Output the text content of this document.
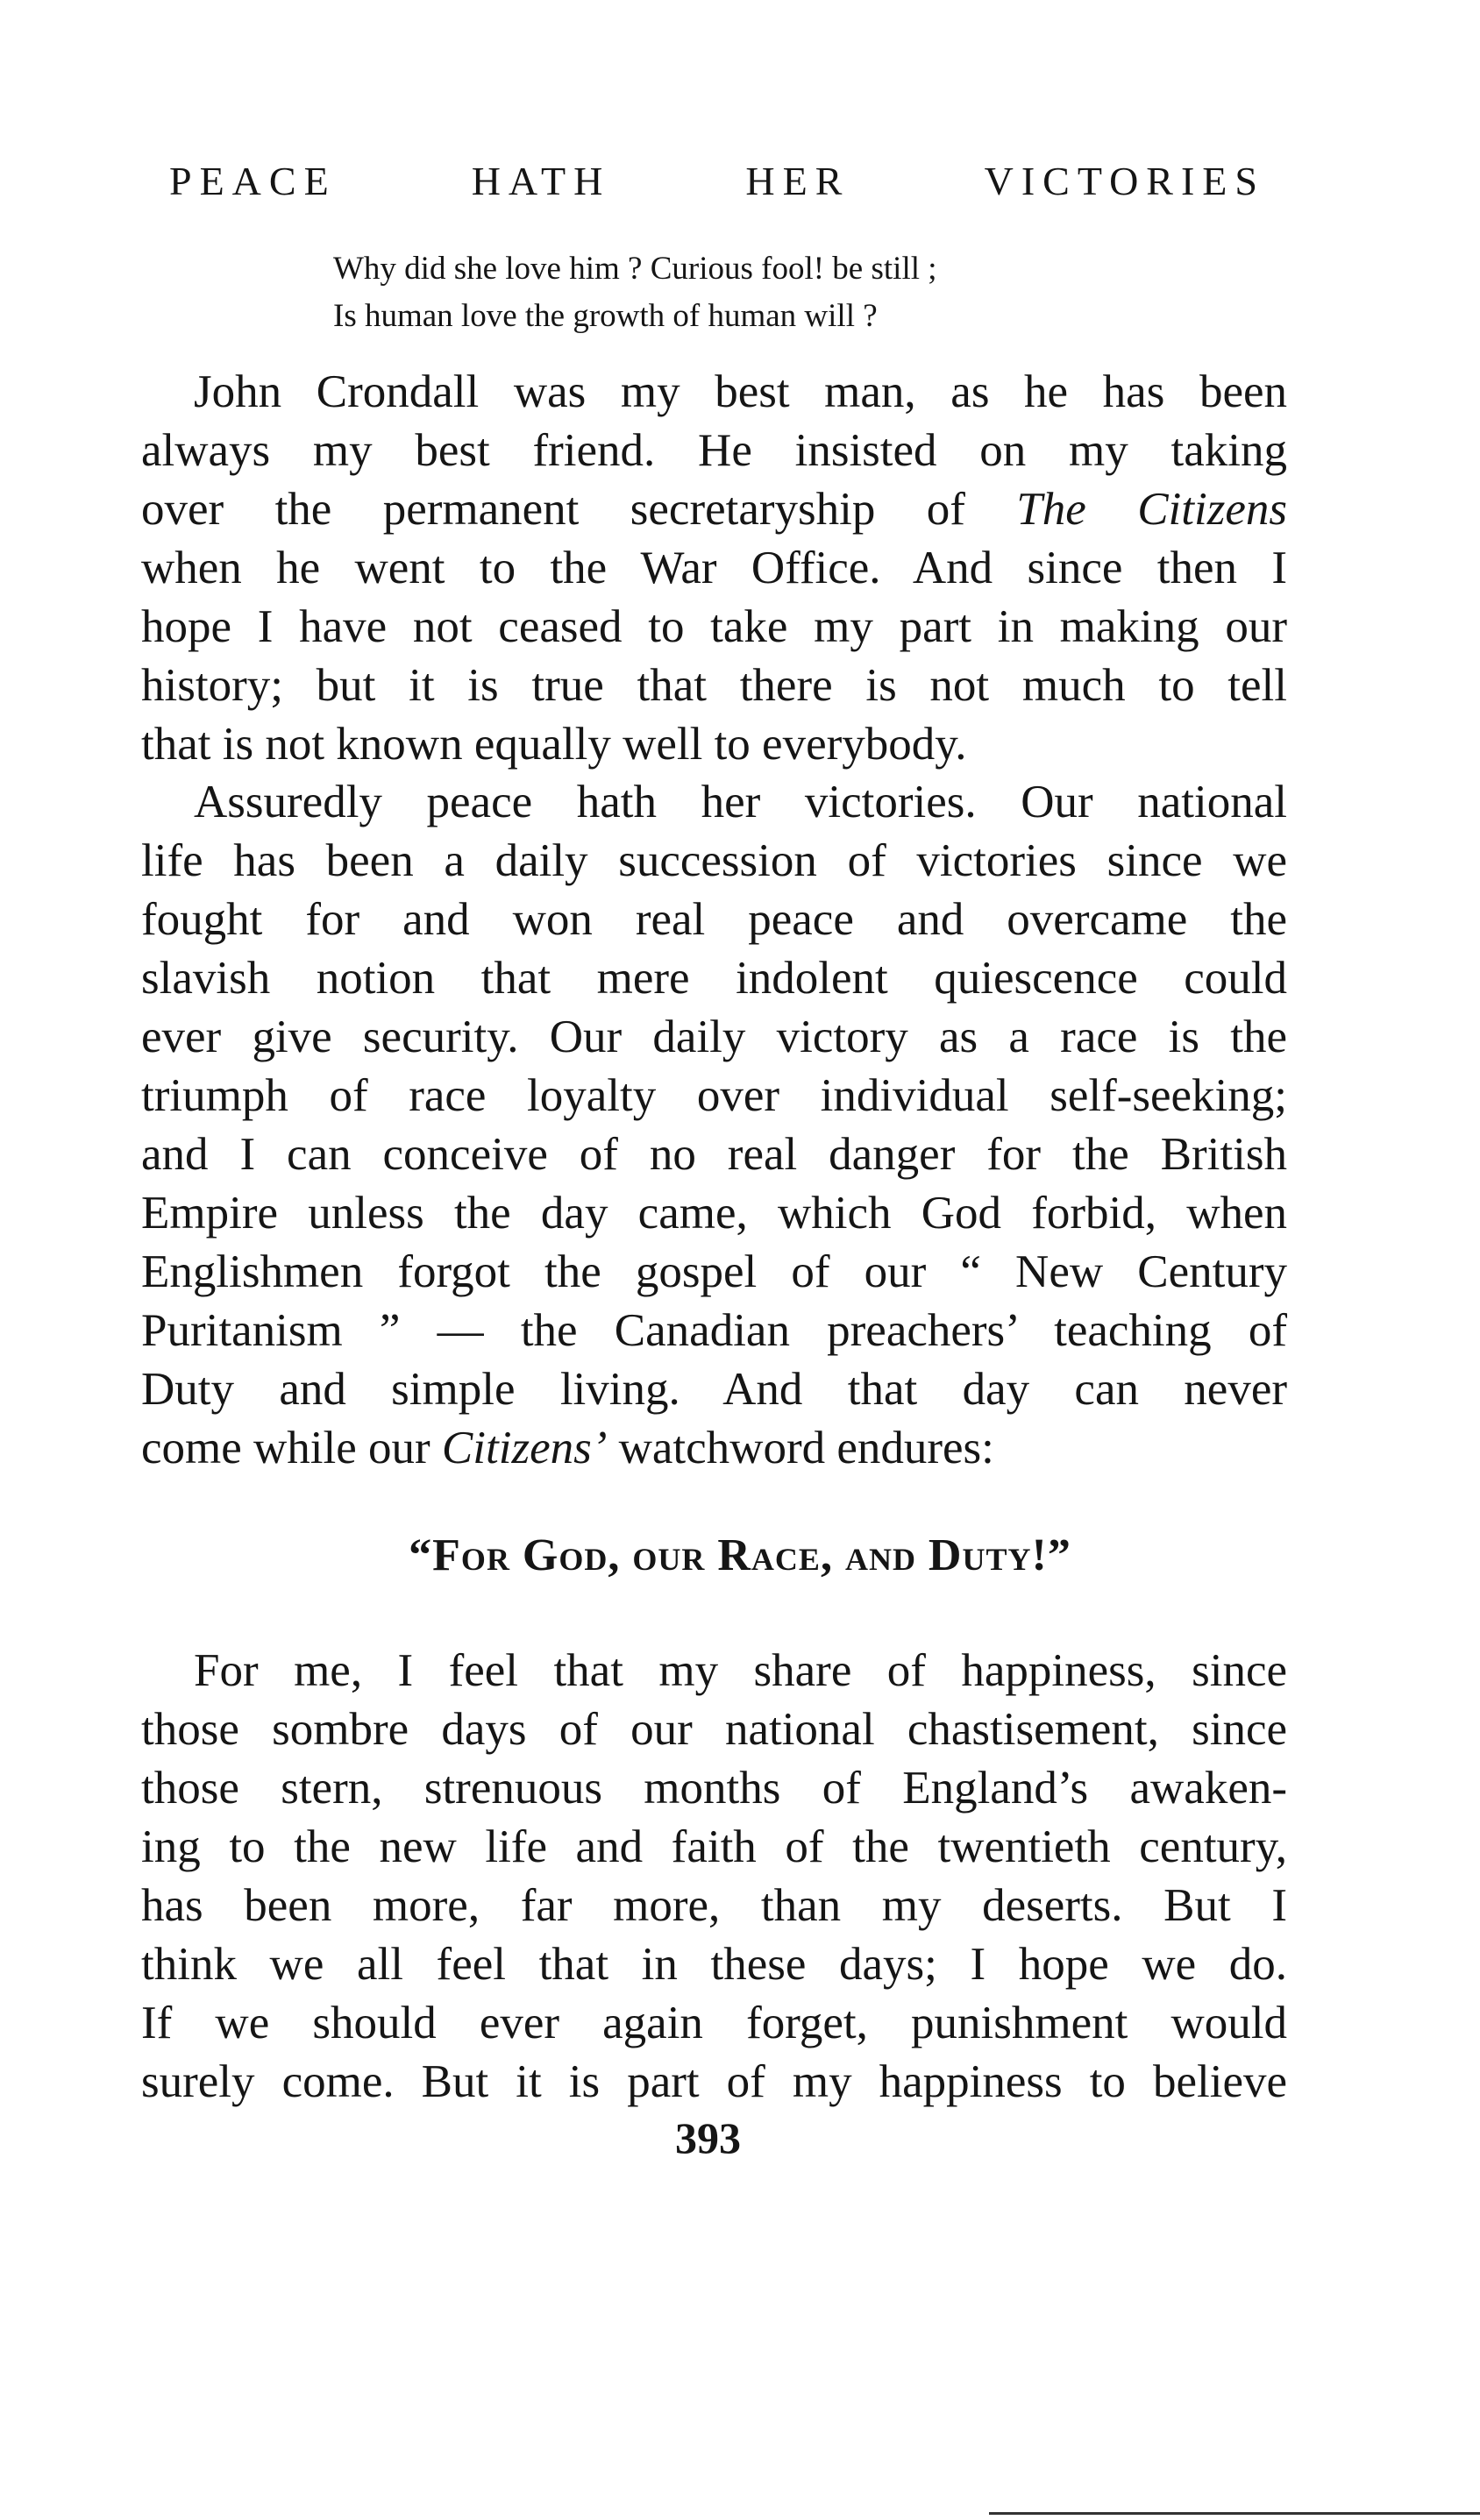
PEACE HATH HER VICTORIES
Why did she love him ? Curious fool! be still ;
Is human love the growth of human will ?
John Crondall was my best man, as he has been
always my best friend. He insisted on my taking
over the permanent secretaryship of The Citizens
when he went to the War Office. And since then I
hope I have not ceased to take my part in making our
history; but it is true that there is not much to tell
that is not known equally well to everybody.
Assuredly peace hath her victories. Our national
life has been a daily succession of victories since we
fought for and won real peace and overcame the
slavish notion that mere indolent quiescence could
ever give security. Our daily victory as a race is the
triumph of race loyalty over individual self-seeking;
and I can conceive of no real danger for the British
Empire unless the day came, which God forbid, when
Englishmen forgot the gospel of our “ New Century
Puritanism ” — the Canadian preachers’ teaching of
Duty and simple living. And that day can never
come while our Citizens’ watchword endures:
“For God, our Race, and Duty!”
For me, I feel that my share of happiness, since
those sombre days of our national chastisement, since
those stern, strenuous months of England’s awaken-
ing to the new life and faith of the twentieth century,
has been more, far more, than my deserts. But I
think we all feel that in these days; I hope we do.
If we should ever again forget, punishment would
surely come. But it is part of my happiness to believe
393
